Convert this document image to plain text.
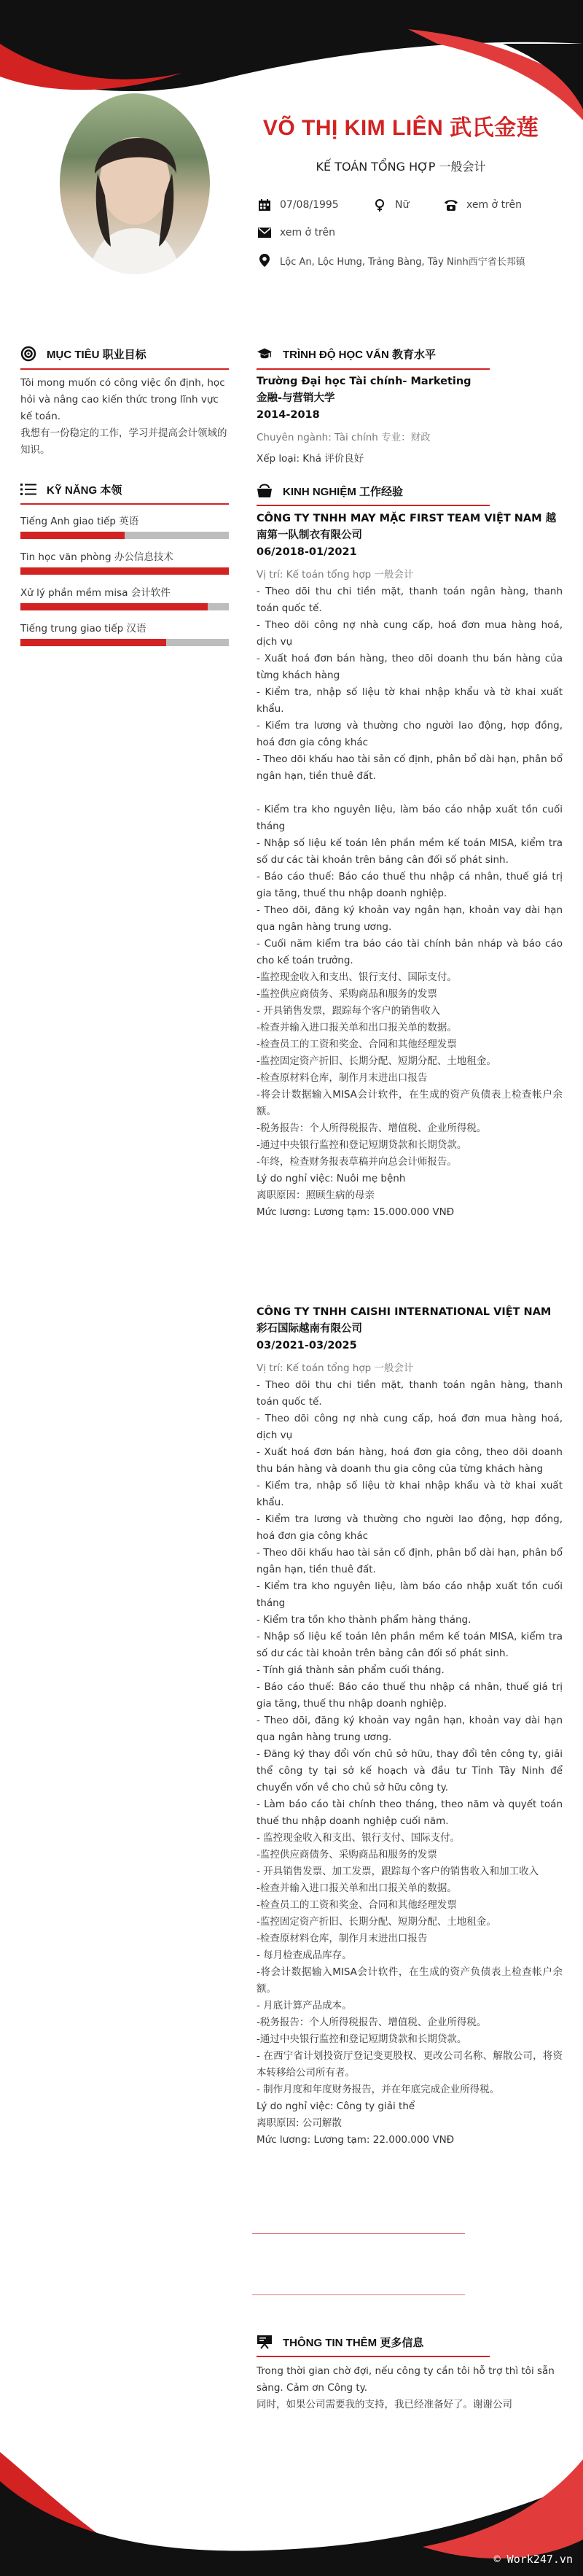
VÕ THỊ KIM LIÊN 武氏金莲
KẾ TOÁN TỔNG HỢP 一般会计
07/08/1995	Nữ	xem ở trên
xem ở trên
Lộc An, Lộc Hưng, Trảng Bàng, Tây Ninh西宁省长邦镇
MỤC TIÊU 职业目标

Tôi mong muốn có công việc ổn định, học hỏi và nâng cao kiến thức trong lĩnh vực kế toán.

我想有一份稳定的工作，学习并提高会计领域的知识。

KỸ NĂNG 本领
Tiếng Anh giao tiếp 英语
Tin học văn phòng 办公信息技术
Xử lý phần mềm misa 会计软件
Tiếng trung giao tiếp 汉语
TRÌNH ĐỘ HỌC VẤN 教育水平
Trường Đại học Tài chính- Marketing
金融-与营销大学
2014-2018
Chuyên ngành: Tài chính 专业：财政
Xếp loại: Khá 评价良好
KINH NGHIỆM 工作经验
CÔNG TY TNHH MAY MẶC FIRST TEAM VIỆT NAM 越南第一队制衣有限公司
06/2018-01/2021
Vị trí: Kế toán tổng hợp 一般会计
- Theo dõi thu chi tiền mặt, thanh toán ngân hàng, thanh toán quốc tế.
- Theo dõi công nợ nhà cung cấp, hoá đơn mua hàng hoá, dịch vụ
- Xuất hoá đơn bán hàng, theo dõi doanh thu bán hàng của từng khách hàng
- Kiểm tra, nhập số liệu tờ khai nhập khẩu và tờ khai xuất khẩu.
- Kiểm tra lương và thường cho người lao động, hợp đồng, hoá đơn gia công khác
- Theo dõi khấu hao tài sản cố định, phân bổ dài hạn, phân bổ ngân hạn, tiền thuê đất.
- Kiểm tra kho nguyên liệu, làm báo cáo nhập xuất tồn cuối tháng
- Nhập số liệu kế toán lên phần mềm kế toán MISA, kiểm tra số dư các tài khoản trên bảng cân đối số phát sinh.
- Báo cáo thuế: Báo cáo thuế thu nhập cá nhân, thuế giá trị gia tăng, thuế thu nhập doanh nghiệp.
- Theo dõi, đăng ký khoản vay ngân hạn, khoản vay dài hạn qua ngân hàng trung ương.
- Cuối năm kiểm tra báo cáo tài chính bản nháp và báo cáo cho kế toán trưởng.
-监控现金收入和支出、银行支付、国际支付。
-监控供应商债务、采购商品和服务的发票
- 开具销售发票，跟踪每个客户的销售收入
-检查并输入进口报关单和出口报关单的数据。
-检查员工的工资和奖金、合同和其他经理发票
-监控固定资产折旧、长期分配、短期分配、土地租金。
-检查原材料仓库，制作月末进出口报告
-将会计数据输入MISA会计软件，在生成的资产负债表上检查帐户余额。
-税务报告：个人所得税报告、增值税、企业所得税。
-通过中央银行监控和登记短期贷款和长期贷款。
-年终，检查财务报表草稿并向总会计师报告。
Lý do nghỉ việc: Nuôi mẹ bệnh
离职原因：照顾生病的母亲
Mức lương: Lương tạm: 15.000.000 VNĐ
CÔNG TY TNHH CAISHI INTERNATIONAL VIỆT NAM 彩石国际越南有限公司
03/2021-03/2025
Vị trí: Kế toán tổng hợp 一般会计
- Theo dõi thu chi tiền mặt, thanh toán ngân hàng, thanh toán quốc tế.
- Theo dõi công nợ nhà cung cấp, hoá đơn mua hàng hoá, dịch vụ
- Xuất hoá đơn bán hàng, hoá đơn gia công, theo dõi doanh thu bán hàng và doanh thu gia công của từng khách hàng
- Kiểm tra, nhập số liệu tờ khai nhập khẩu và tờ khai xuất khẩu.
- Kiểm tra lương và thường cho người lao động, hợp đồng, hoá đơn gia công khác
- Theo dõi khấu hao tài sản cố định, phân bổ dài hạn, phân bổ ngân hạn, tiền thuê đất.
- Kiểm tra kho nguyên liệu, làm báo cáo nhập xuất tồn cuối tháng
- Kiểm tra tồn kho thành phẩm hàng tháng.
- Nhập số liệu kế toán lên phần mềm kế toán MISA, kiểm tra số dư các tài khoản trên bảng cân đối số phát sinh.
- Tính giá thành sản phẩm cuối tháng.
- Báo cáo thuế: Báo cáo thuế thu nhập cá nhân, thuế giá trị gia tăng, thuế thu nhập doanh nghiệp.
- Theo dõi, đăng ký khoản vay ngân hạn, khoản vay dài hạn qua ngân hàng trung ương.
- Đăng ký thay đổi vốn chủ sở hữu, thay đổi tên công ty, giải thể công ty tại sở kế hoạch và đầu tư Tỉnh Tây Ninh để chuyển vốn về cho chủ sở hữu công ty.
- Làm báo cáo tài chính theo tháng, theo năm và quyết toán thuế thu nhập doanh nghiệp cuối năm.
- 监控现金收入和支出、银行支付、国际支付。
-监控供应商债务、采购商品和服务的发票
- 开具销售发票、加工发票，跟踪每个客户的销售收入和加工收入
-检查并输入进口报关单和出口报关单的数据。
-检查员工的工资和奖金、合同和其他经理发票
-监控固定资产折旧、长期分配、短期分配、土地租金。
-检查原材料仓库，制作月末进出口报告
- 每月检查成品库存。
-将会计数据输入MISA会计软件，在生成的资产负债表上检查帐户余额。
- 月底计算产品成本。
-税务报告：个人所得税报告、增值税、企业所得税。
-通过中央银行监控和登记短期贷款和长期贷款。
- 在西宁省计划投资厅登记变更股权、更改公司名称、解散公司，将资本转移给公司所有者。
- 制作月度和年度财务报告，并在年底完成企业所得税。
Lý do nghỉ việc: Công ty giải thể
离职原因: 公司解散
Mức lương: Lương tạm: 22.000.000 VNĐ
THÔNG TIN THÊM 更多信息
Trong thời gian chờ đợi, nếu công ty cần tôi hỗ trợ thì tôi sẵn sàng. Cảm ơn Công ty.
同时，如果公司需要我的支持，我已经准备好了。谢谢公司
© Work247.vn
